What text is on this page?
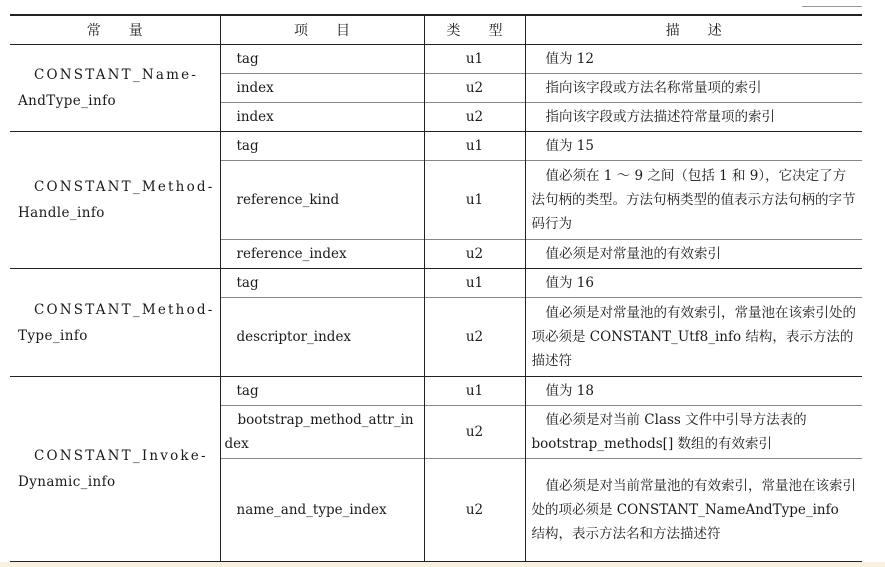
常　　量	项　　目	类　　型	描　　述

CONSTANT_Name-
AndType_info	tag	u1	值为 12
	index	u2	指向该字段或方法名称常量项的索引
	index	u2	指向该字段或方法描述符常量项的索引

CONSTANT_Method-
Handle_info	tag	u1	值为 15
	reference_kind	u1	值必须在 1 ～ 9 之间（包括 1 和 9），它决定了方法句柄的类型。方法句柄类型的值表示方法句柄的字节码行为
	reference_index	u2	值必须是对常量池的有效索引

CONSTANT_Method-
Type_info	tag	u1	值为 16
	descriptor_index	u2	值必须是对常量池的有效索引，常量池在该索引处的项必须是 CONSTANT_Utf8_info 结构，表示方法的描述符

CONSTANT_Invoke-
Dynamic_info	tag	u1	值为 18
	bootstrap_method_attr_index	u2	值必须是对当前 Class 文件中引导方法表的 bootstrap_methods[] 数组的有效索引
	name_and_type_index	u2	值必须是对当前常量池的有效索引，常量池在该索引处的项必须是 CONSTANT_NameAndType_info 结构，表示方法名和方法描述符
